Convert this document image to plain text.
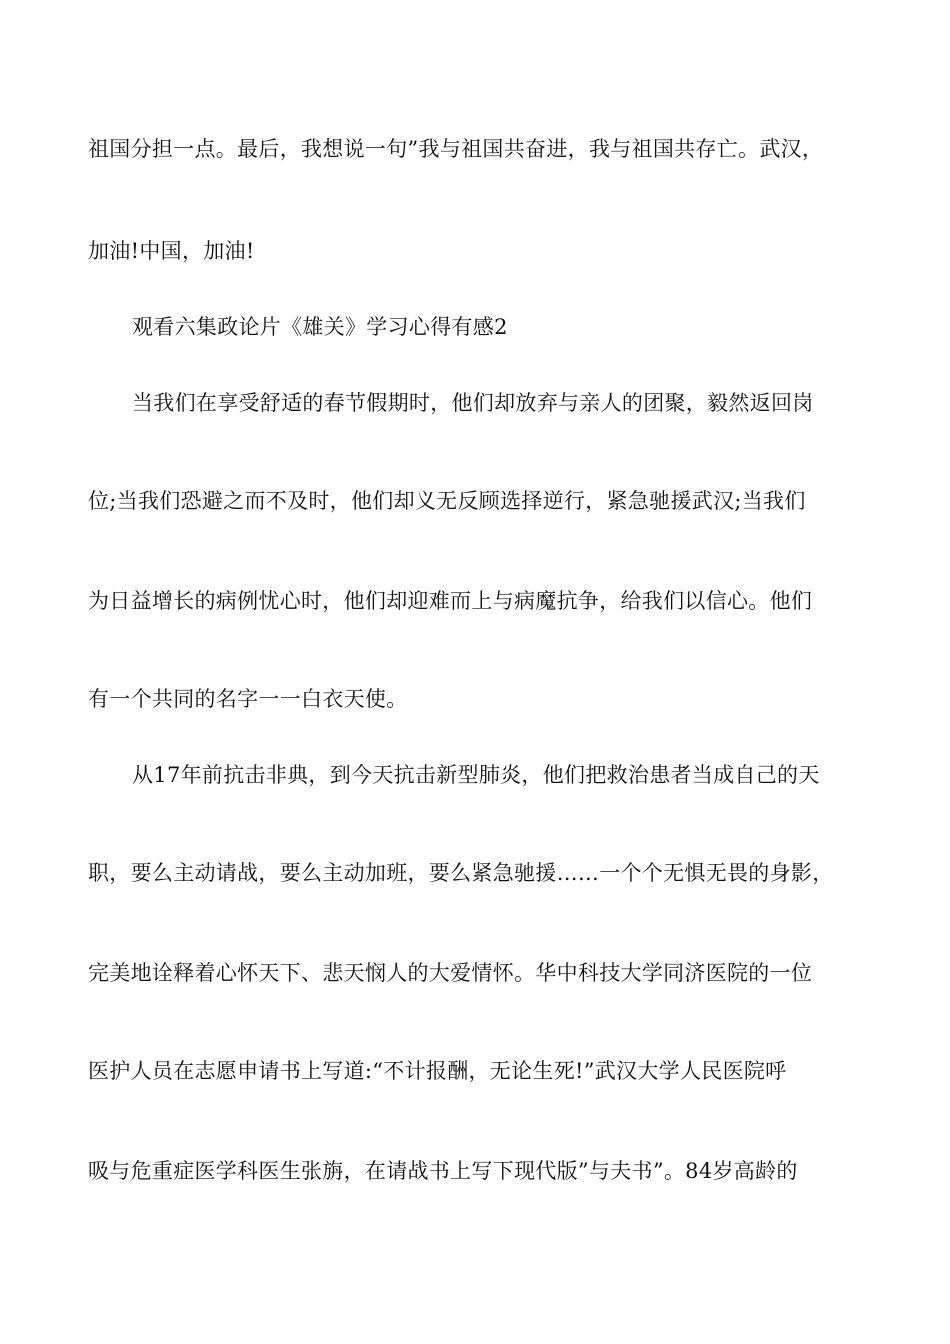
祖国分担一点。最后，我想说一句”我与祖国共奋进，我与祖国共存亡。武汉，
加油!中国，加油!
观看六集政论片《雄关》学习心得有感2
当我们在享受舒适的春节假期时，他们却放弃与亲人的团聚，毅然返回岗
位;当我们恐避之而不及时，他们却义无反顾选择逆行，紧急驰援武汉;当我们
为日益增长的病例忧心时，他们却迎难而上与病魔抗争，给我们以信心。他们
有一个共同的名字一一白衣天使。
从17年前抗击非典，到今天抗击新型肺炎，他们把救治患者当成自己的天
职，要么主动请战，要么主动加班，要么紧急驰援……一个个无惧无畏的身影，
完美地诠释着心怀天下、悲天悯人的大爱情怀。华中科技大学同济医院的一位
医护人员在志愿申请书上写道:“不计报酬，无论生死!”武汉大学人民医院呼
吸与危重症医学科医生张旃，在请战书上写下现代版”与夫书”。84岁高龄的
